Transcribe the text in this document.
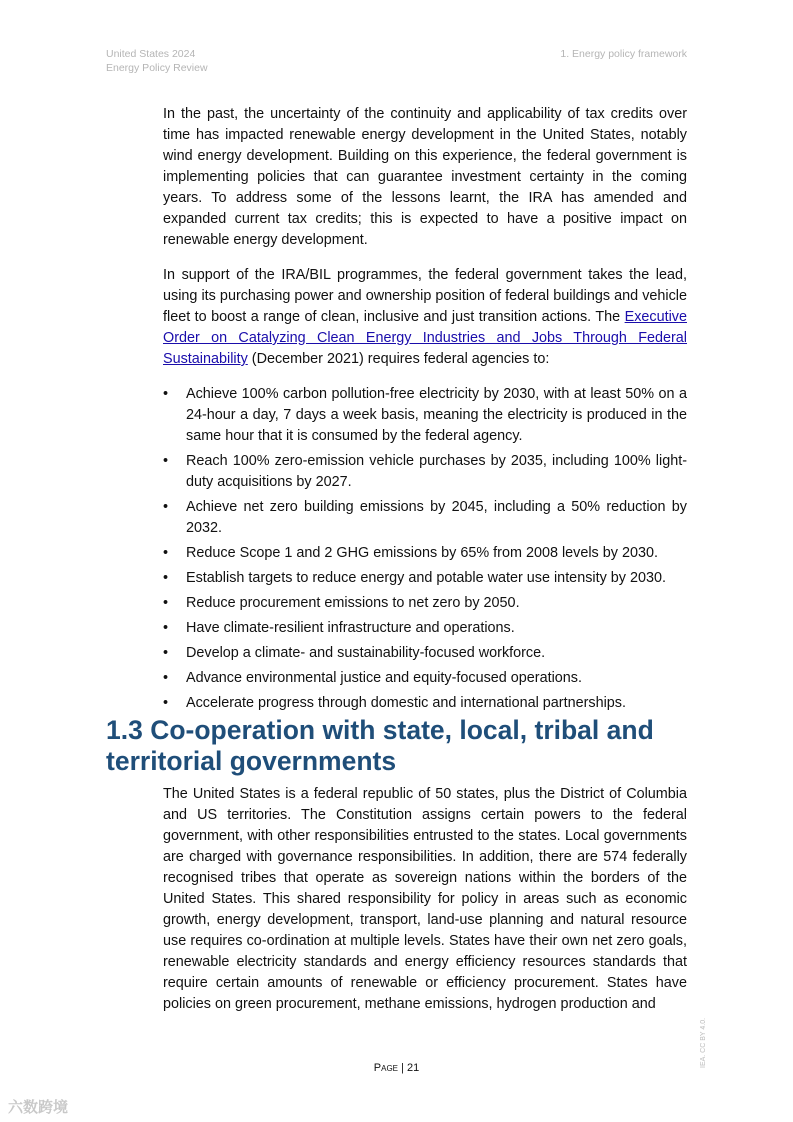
United States 2024
Energy Policy Review
1. Energy policy framework

In the past, the uncertainty of the continuity and applicability of tax credits over time has impacted renewable energy development in the United States, notably wind energy development. Building on this experience, the federal government is implementing policies that can guarantee investment certainty in the coming years. To address some of the lessons learnt, the IRA has amended and expanded current tax credits; this is expected to have a positive impact on renewable energy development.

In support of the IRA/BIL programmes, the federal government takes the lead, using its purchasing power and ownership position of federal buildings and vehicle fleet to boost a range of clean, inclusive and just transition actions. The Executive Order on Catalyzing Clean Energy Industries and Jobs Through Federal Sustainability (December 2021) requires federal agencies to:

• Achieve 100% carbon pollution-free electricity by 2030, with at least 50% on a 24-hour a day, 7 days a week basis, meaning the electricity is produced in the same hour that it is consumed by the federal agency.
• Reach 100% zero-emission vehicle purchases by 2035, including 100% light-duty acquisitions by 2027.
• Achieve net zero building emissions by 2045, including a 50% reduction by 2032.
• Reduce Scope 1 and 2 GHG emissions by 65% from 2008 levels by 2030.
• Establish targets to reduce energy and potable water use intensity by 2030.
• Reduce procurement emissions to net zero by 2050.
• Have climate-resilient infrastructure and operations.
• Develop a climate- and sustainability-focused workforce.
• Advance environmental justice and equity-focused operations.
• Accelerate progress through domestic and international partnerships.
1.3 Co-operation with state, local, tribal and territorial governments
The United States is a federal republic of 50 states, plus the District of Columbia and US territories. The Constitution assigns certain powers to the federal government, with other responsibilities entrusted to the states. Local governments are charged with governance responsibilities. In addition, there are 574 federally recognised tribes that operate as sovereign nations within the borders of the United States. This shared responsibility for policy in areas such as economic growth, energy development, transport, land-use planning and natural resource use requires co-ordination at multiple levels. States have their own net zero goals, renewable electricity standards and energy efficiency resources standards that require certain amounts of renewable or efficiency procurement. States have policies on green procurement, methane emissions, hydrogen production and
Page | 21	IEA. CC BY 4.0.
六数跨境
